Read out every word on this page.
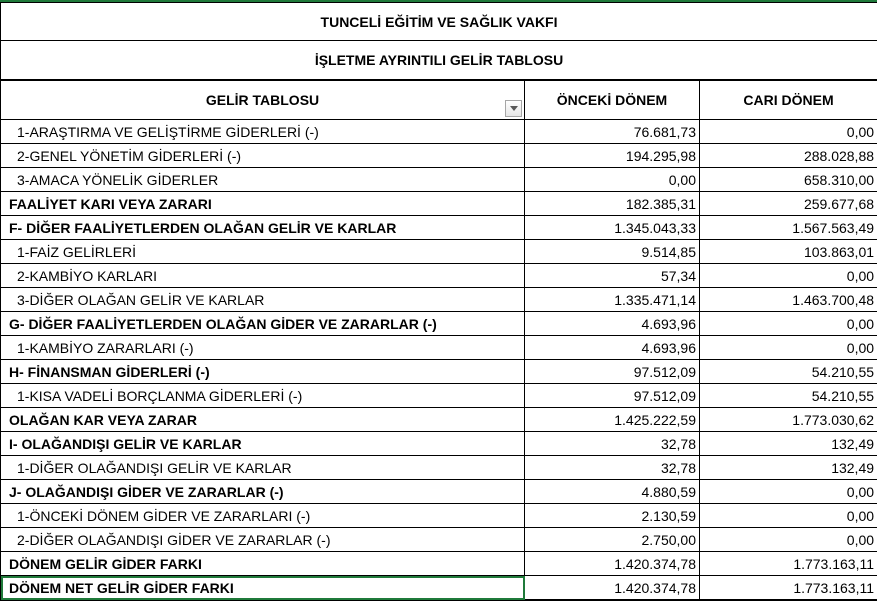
TUNCELİ EĞİTİM VE SAĞLIK VAKFI		
İŞLETME AYRINTILI GELİR TABLOSU		
GELİR TABLOSU	ÖNCEKİ DÖNEM	CARI DÖNEM
1-ARAŞTIRMA VE GELİŞTİRME GİDERLERİ (-)	76.681,73	0,00
2-GENEL YÖNETİM GİDERLERİ (-)	194.295,98	288.028,88
3-AMACA YÖNELİK GİDERLER	0,00	658.310,00
FAALİYET KARI VEYA ZARARI	182.385,31	259.677,68
F- DİĞER FAALİYETLERDEN OLAĞAN GELİR VE KARLAR	1.345.043,33	1.567.563,49
1-FAİZ GELİRLERİ	9.514,85	103.863,01
2-KAMBİYO KARLARI	57,34	0,00
3-DİĞER OLAĞAN GELİR VE KARLAR	1.335.471,14	1.463.700,48
G- DİĞER FAALİYETLERDEN OLAĞAN GİDER VE ZARARLAR (-)	4.693,96	0,00
1-KAMBİYO ZARARLARI (-)	4.693,96	0,00
H- FİNANSMAN GİDERLERİ (-)	97.512,09	54.210,55
1-KISA VADELİ BORÇLANMA GİDERLERİ (-)	97.512,09	54.210,55
OLAĞAN KAR VEYA ZARAR	1.425.222,59	1.773.030,62
I- OLAĞANDIŞI GELİR VE KARLAR	32,78	132,49
1-DİĞER OLAĞANDIŞI GELİR VE KARLAR	32,78	132,49
J- OLAĞANDIŞI GİDER VE ZARARLAR (-)	4.880,59	0,00
1-ÖNCEKİ DÖNEM GİDER VE ZARARLARI (-)	2.130,59	0,00
2-DİĞER OLAĞANDIŞI GİDER VE ZARARLAR (-)	2.750,00	0,00
DÖNEM GELİR GİDER FARKI	1.420.374,78	1.773.163,11
DÖNEM NET GELİR GİDER FARKI	1.420.374,78	1.773.163,11
